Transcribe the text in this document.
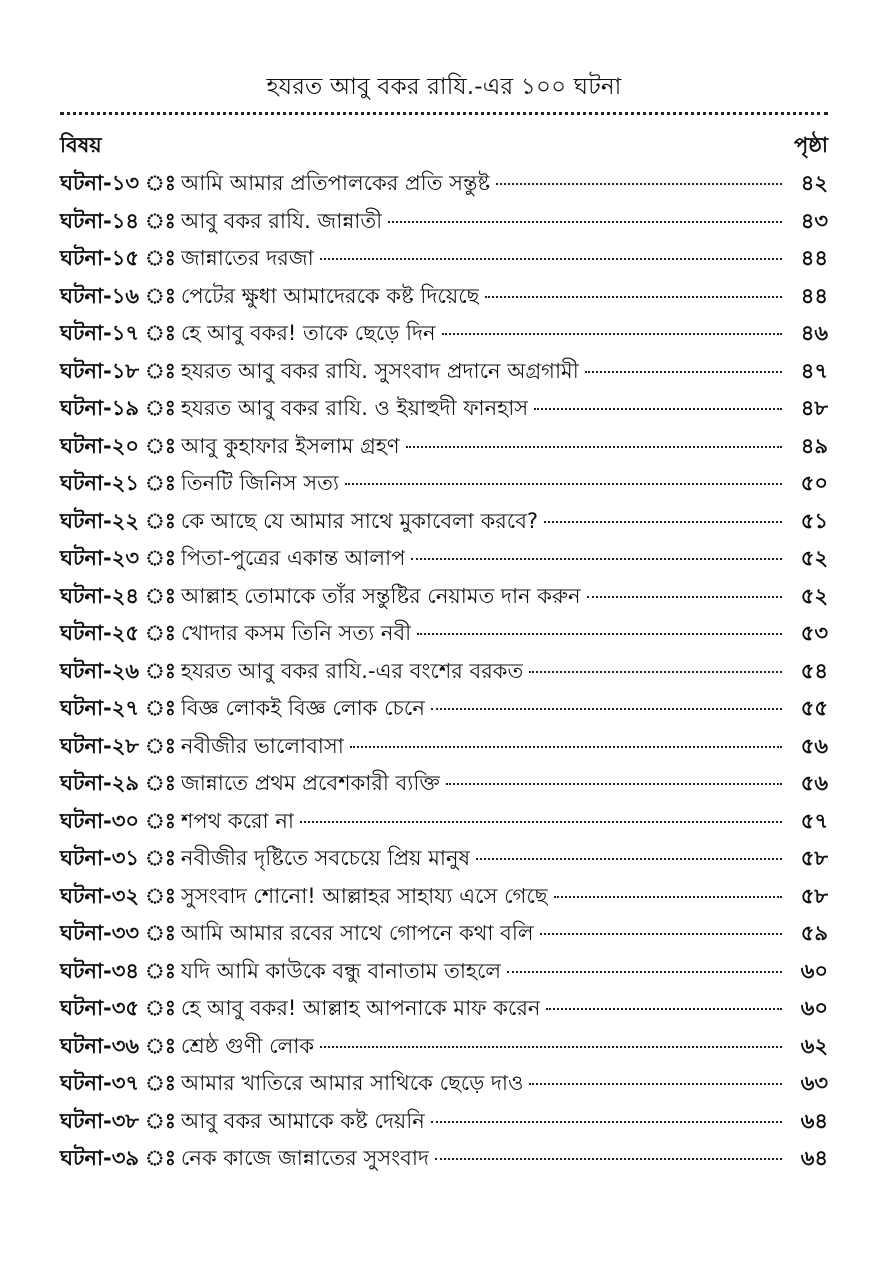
হযরত আবু বকর রাযি.-এর ১০০ ঘটনা
বিষয়	পৃষ্ঠা
ঘটনা-১৩ ঃ আমি আমার প্রতিপালকের প্রতি সন্তুষ্ট	৪২
ঘটনা-১৪ ঃ আবু বকর রাযি. জান্নাতী	৪৩
ঘটনা-১৫ ঃ জান্নাতের দরজা	৪৪
ঘটনা-১৬ ঃ পেটের ক্ষুধা আমাদেরকে কষ্ট দিয়েছে	৪৪
ঘটনা-১৭ ঃ হে আবু বকর! তাকে ছেড়ে দিন	৪৬
ঘটনা-১৮ ঃ হযরত আবু বকর রাযি. সুসংবাদ প্রদানে অগ্রগামী	৪৭
ঘটনা-১৯ ঃ হযরত আবু বকর রাযি. ও ইয়াহুদী ফানহাস	৪৮
ঘটনা-২০ ঃ আবু কুহাফার ইসলাম গ্রহণ	৪৯
ঘটনা-২১ ঃ তিনটি জিনিস সত্য	৫০
ঘটনা-২২ ঃ কে আছে যে আমার সাথে মুকাবেলা করবে?	৫১
ঘটনা-২৩ ঃ পিতা-পুত্রের একান্ত আলাপ	৫২
ঘটনা-২৪ ঃ আল্লাহ তোমাকে তাঁর সন্তুষ্টির নেয়ামত দান করুন	৫২
ঘটনা-২৫ ঃ খোদার কসম তিনি সত্য নবী	৫৩
ঘটনা-২৬ ঃ হযরত আবু বকর রাযি.-এর বংশের বরকত	৫৪
ঘটনা-২৭ ঃ বিজ্ঞ লোকই বিজ্ঞ লোক চেনে	৫৫
ঘটনা-২৮ ঃ নবীজীর ভালোবাসা	৫৬
ঘটনা-২৯ ঃ জান্নাতে প্রথম প্রবেশকারী ব্যক্তি	৫৬
ঘটনা-৩০ ঃ শপথ করো না	৫৭
ঘটনা-৩১ ঃ নবীজীর দৃষ্টিতে সবচেয়ে প্রিয় মানুষ	৫৮
ঘটনা-৩২ ঃ সুসংবাদ শোনো! আল্লাহর সাহায্য এসে গেছে	৫৮
ঘটনা-৩৩ ঃ আমি আমার রবের সাথে গোপনে কথা বলি	৫৯
ঘটনা-৩৪ ঃ যদি আমি কাউকে বন্ধু বানাতাম তাহলে	৬০
ঘটনা-৩৫ ঃ হে আবু বকর! আল্লাহ আপনাকে মাফ করেন	৬০
ঘটনা-৩৬ ঃ শ্রেষ্ঠ গুণী লোক	৬২
ঘটনা-৩৭ ঃ আমার খাতিরে আমার সাথিকে ছেড়ে দাও	৬৩
ঘটনা-৩৮ ঃ আবু বকর আমাকে কষ্ট দেয়নি	৬৪
ঘটনা-৩৯ ঃ নেক কাজে জান্নাতের সুসংবাদ	৬৪
